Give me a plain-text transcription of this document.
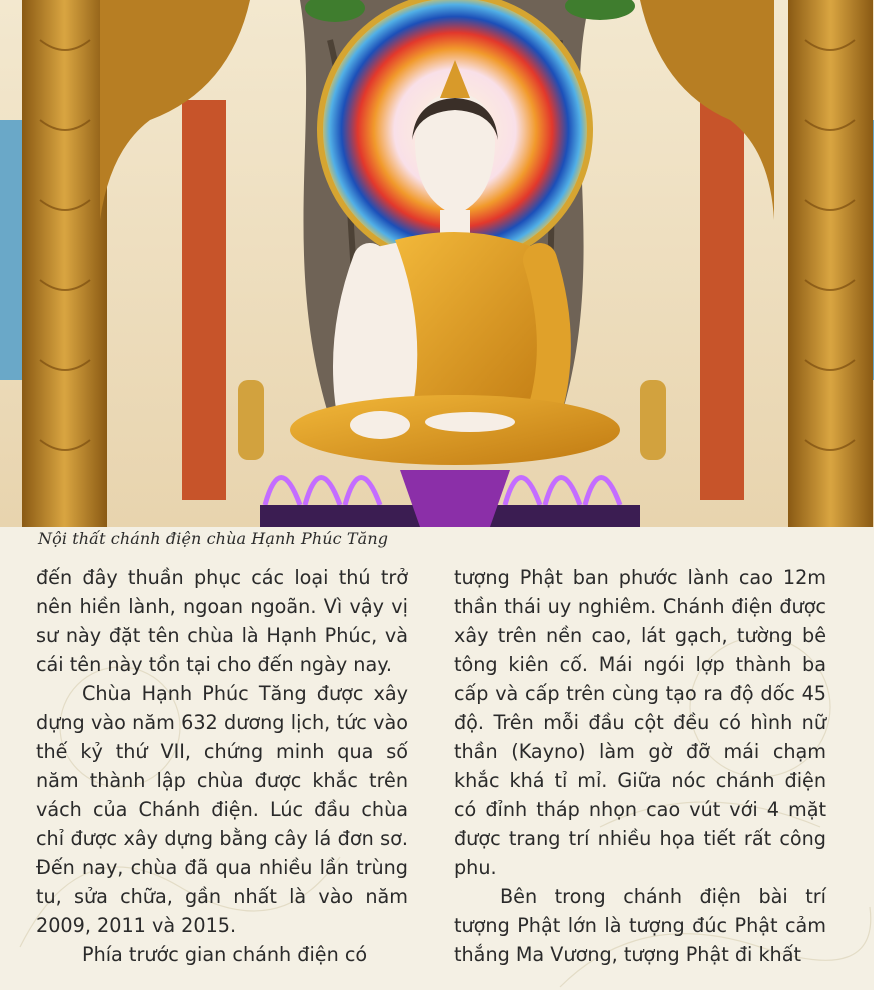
Nội thất chánh điện chùa Hạnh Phúc Tăng

đến đây thuần phục các loại thú trở nên hiền lành, ngoan ngoãn. Vì vậy vị sư này đặt tên chùa là Hạnh Phúc, và cái tên này tồn tại cho đến ngày nay.

Chùa Hạnh Phúc Tăng được xây dựng vào năm 632 dương lịch, tức vào thế kỷ thứ VII, chứng minh qua số năm thành lập chùa được khắc trên vách của Chánh điện. Lúc đầu chùa chỉ được xây dựng bằng cây lá đơn sơ. Đến nay, chùa đã qua nhiều lần trùng tu, sửa chữa, gần nhất là vào năm 2009, 2011 và 2015.

Phía trước gian chánh điện có

tượng Phật ban phước lành cao 12m thần thái uy nghiêm. Chánh điện được xây trên nền cao, lát gạch, tường bê tông kiên cố. Mái ngói lợp thành ba cấp và cấp trên cùng tạo ra độ dốc 45 độ. Trên mỗi đầu cột đều có hình nữ thần (Kayno) làm gờ đỡ mái chạm khắc khá tỉ mỉ. Giữa nóc chánh điện có đỉnh tháp nhọn cao vút với 4 mặt được trang trí nhiều họa tiết rất công phu.

Bên trong chánh điện bài trí tượng Phật lớn là tượng đúc Phật cảm thắng Ma Vương, tượng Phật đi khất
